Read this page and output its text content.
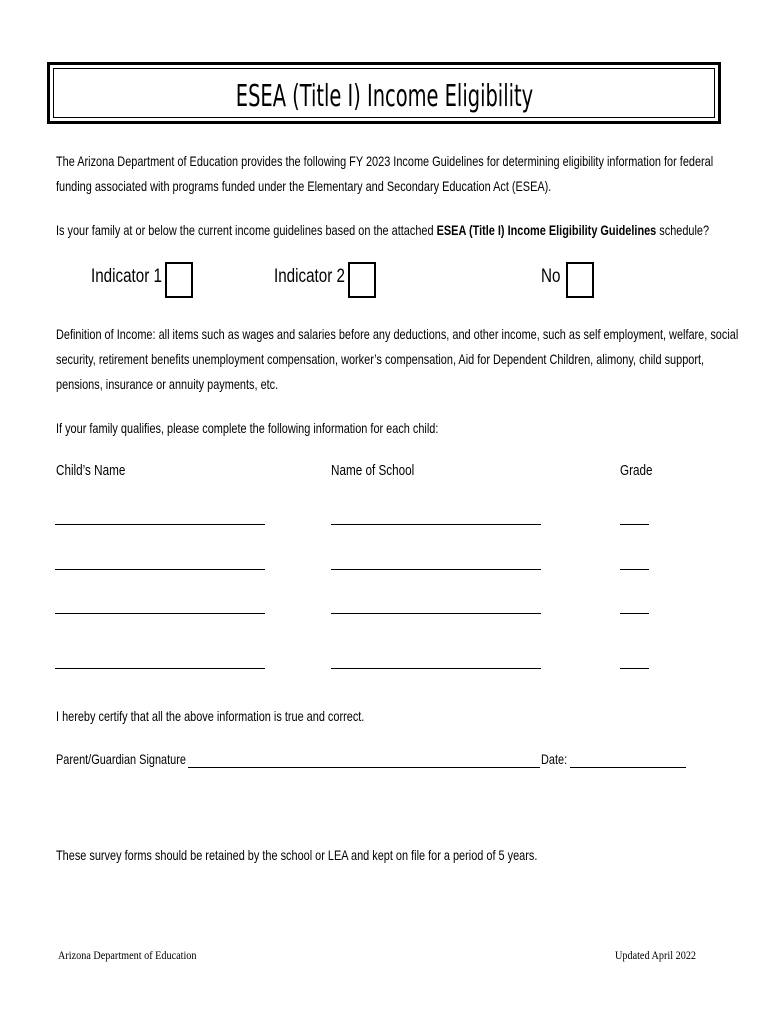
ESEA (Title I) Income Eligibility
The Arizona Department of Education provides the following FY 2023 Income Guidelines for determining eligibility information for federal
funding associated with programs funded under the Elementary and Secondary Education Act (ESEA).
Is your family at or below the current income guidelines based on the attached ESEA (Title I) Income Eligibility Guidelines schedule?
Indicator 1	Indicator 2	No
Definition of Income: all items such as wages and salaries before any deductions, and other income, such as self employment, welfare, social
security, retirement benefits unemployment compensation, worker’s compensation, Aid for Dependent Children, alimony, child support,
pensions, insurance or annuity payments, etc.
If your family qualifies, please complete the following information for each child:
Child’s Name	Name of School	Grade
I hereby certify that all the above information is true and correct.
Parent/Guardian Signature	Date:
These survey forms should be retained by the school or LEA and kept on file for a period of 5 years.
Arizona Department of Education	Updated April 2022
